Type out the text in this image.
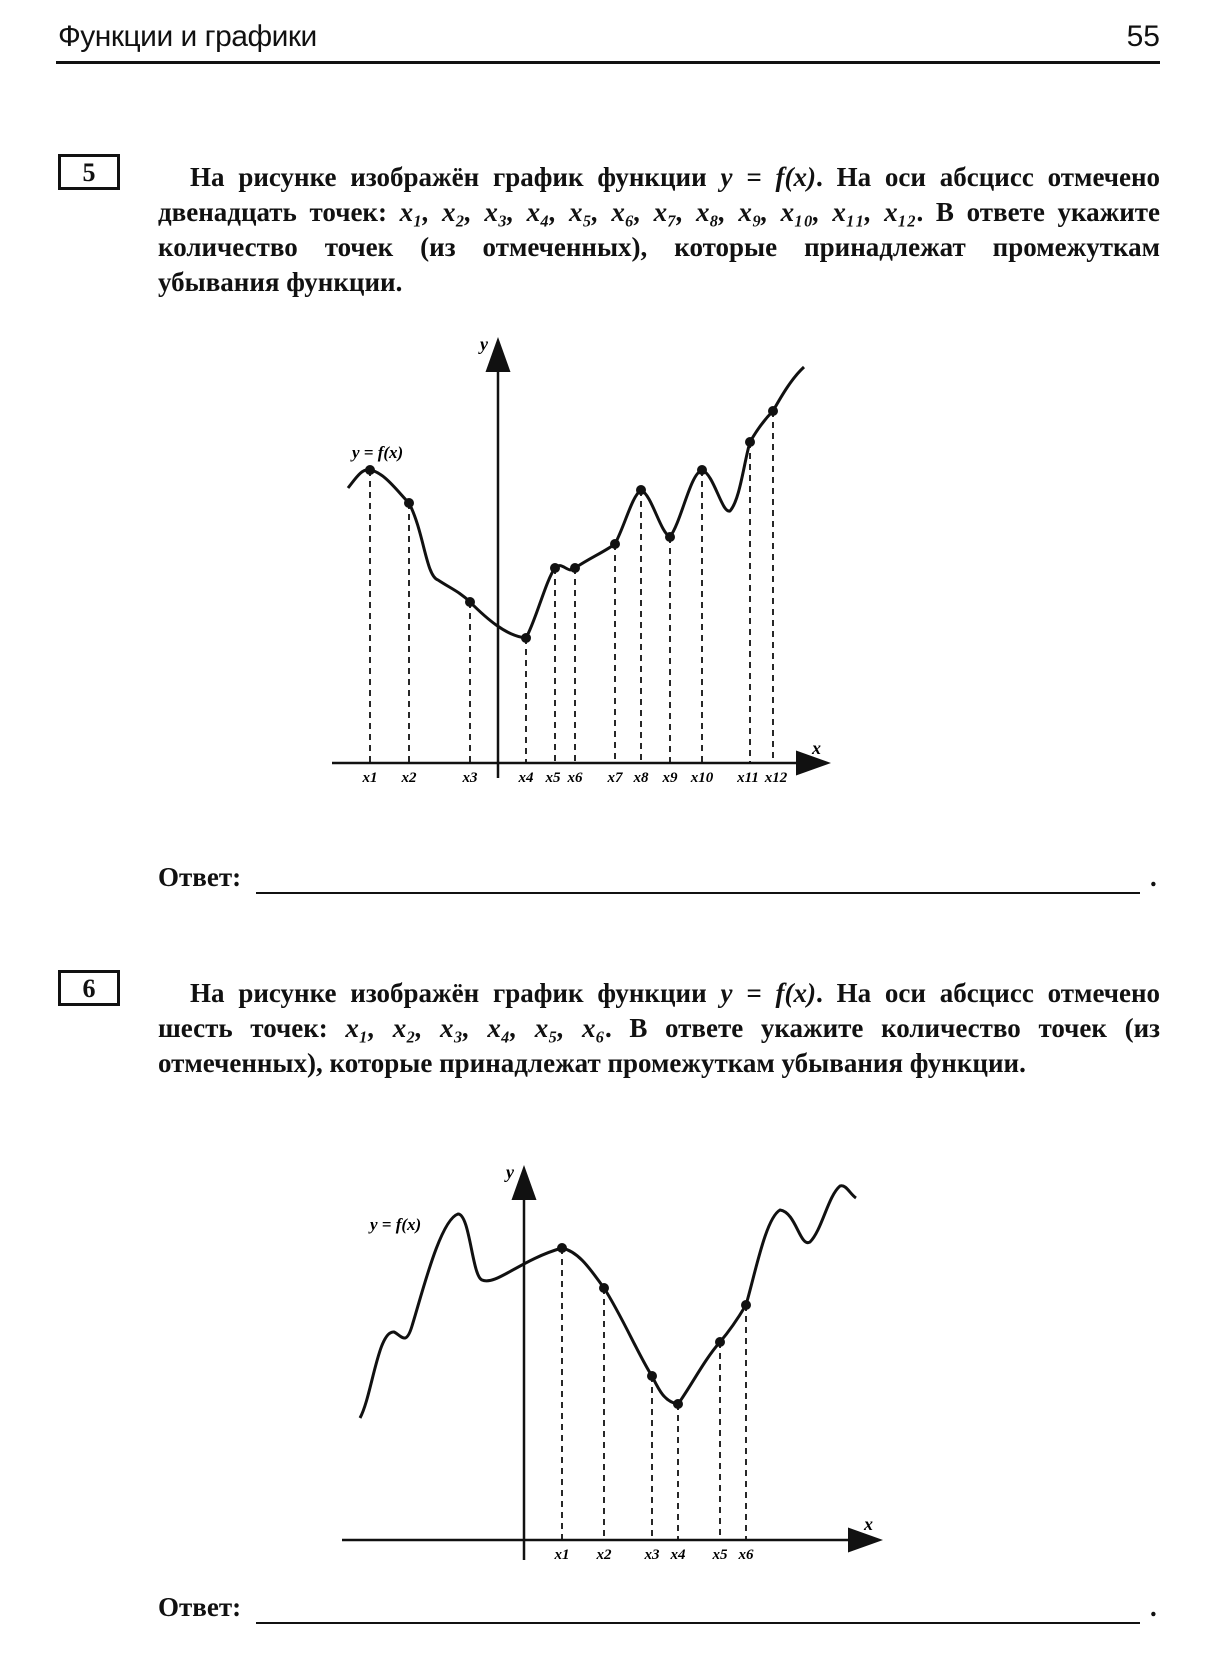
Функции и графики	55
5	На рисунке изображён график функции y = f(x). На оси абсцисс отмечено двенадцать точек: x₁, x₂, x₃, x₄, x₅, x₆, x₇, x₈, x₉, x₁₀, x₁₁, x₁₂. В ответе укажите количество точек (из отмеченных), которые принадлежат промежуткам убывания функции.
x
y
y = f(x)
x1 x2	x3	x4 x5 x6 x7 x8 x9 x10 x11 x12
Ответ:	.
6	На рисунке изображён график функции y = f(x). На оси абсцисс отмечено шесть точек: x₁, x₂, x₃, x₄, x₅, x₆. В ответе укажите количество точек (из отмеченных), которые принадлежат промежуткам убывания функции.
x
y
y = f(x)
x1 x2 x3 x4 x5 x6
Ответ:	.
